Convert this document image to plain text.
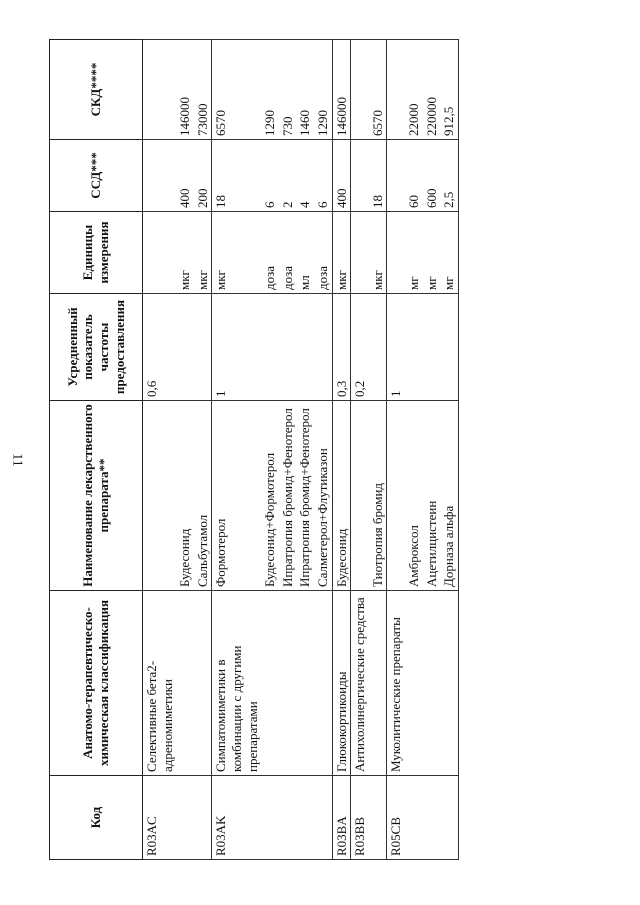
11
Код	Анатомо-терапевтическо-химическая классификация	Наименование лекарственного препарата**	Усредненный показатель частоты предоставления	Единицы измерения	ССД***	СКД****
R03AC	Селективные бета2-адреномиметики		0,6			
		Будесонид		мкг	400	146000
		Сальбутамол		мкг	200	73000
R03AK	Симпатомиметики в комбинации с другими препаратами	Формотерол	1	мкг	18	6570
		Будесонид+Формотерол		доза	6	1290
		Ипратропия бромид+Фенотерол		доза	2	730
		Ипратропия бромид+Фенотерол		мл	4	1460
		Салметерол+Флутиказон		доза	6	1290
R03BA	Глюкокортикоиды	Будесонид	0,3	мкг	400	146000
R03BB	Антихолинергические средства		0,2			
		Тиотропия бромид		мкг	18	6570
R05CB	Муколитические препараты		1			
		Амброксол		мг	60	22000
		Ацетилцистеин		мг	600	220000
		Дорназа альфа		мг	2,5	912,5
